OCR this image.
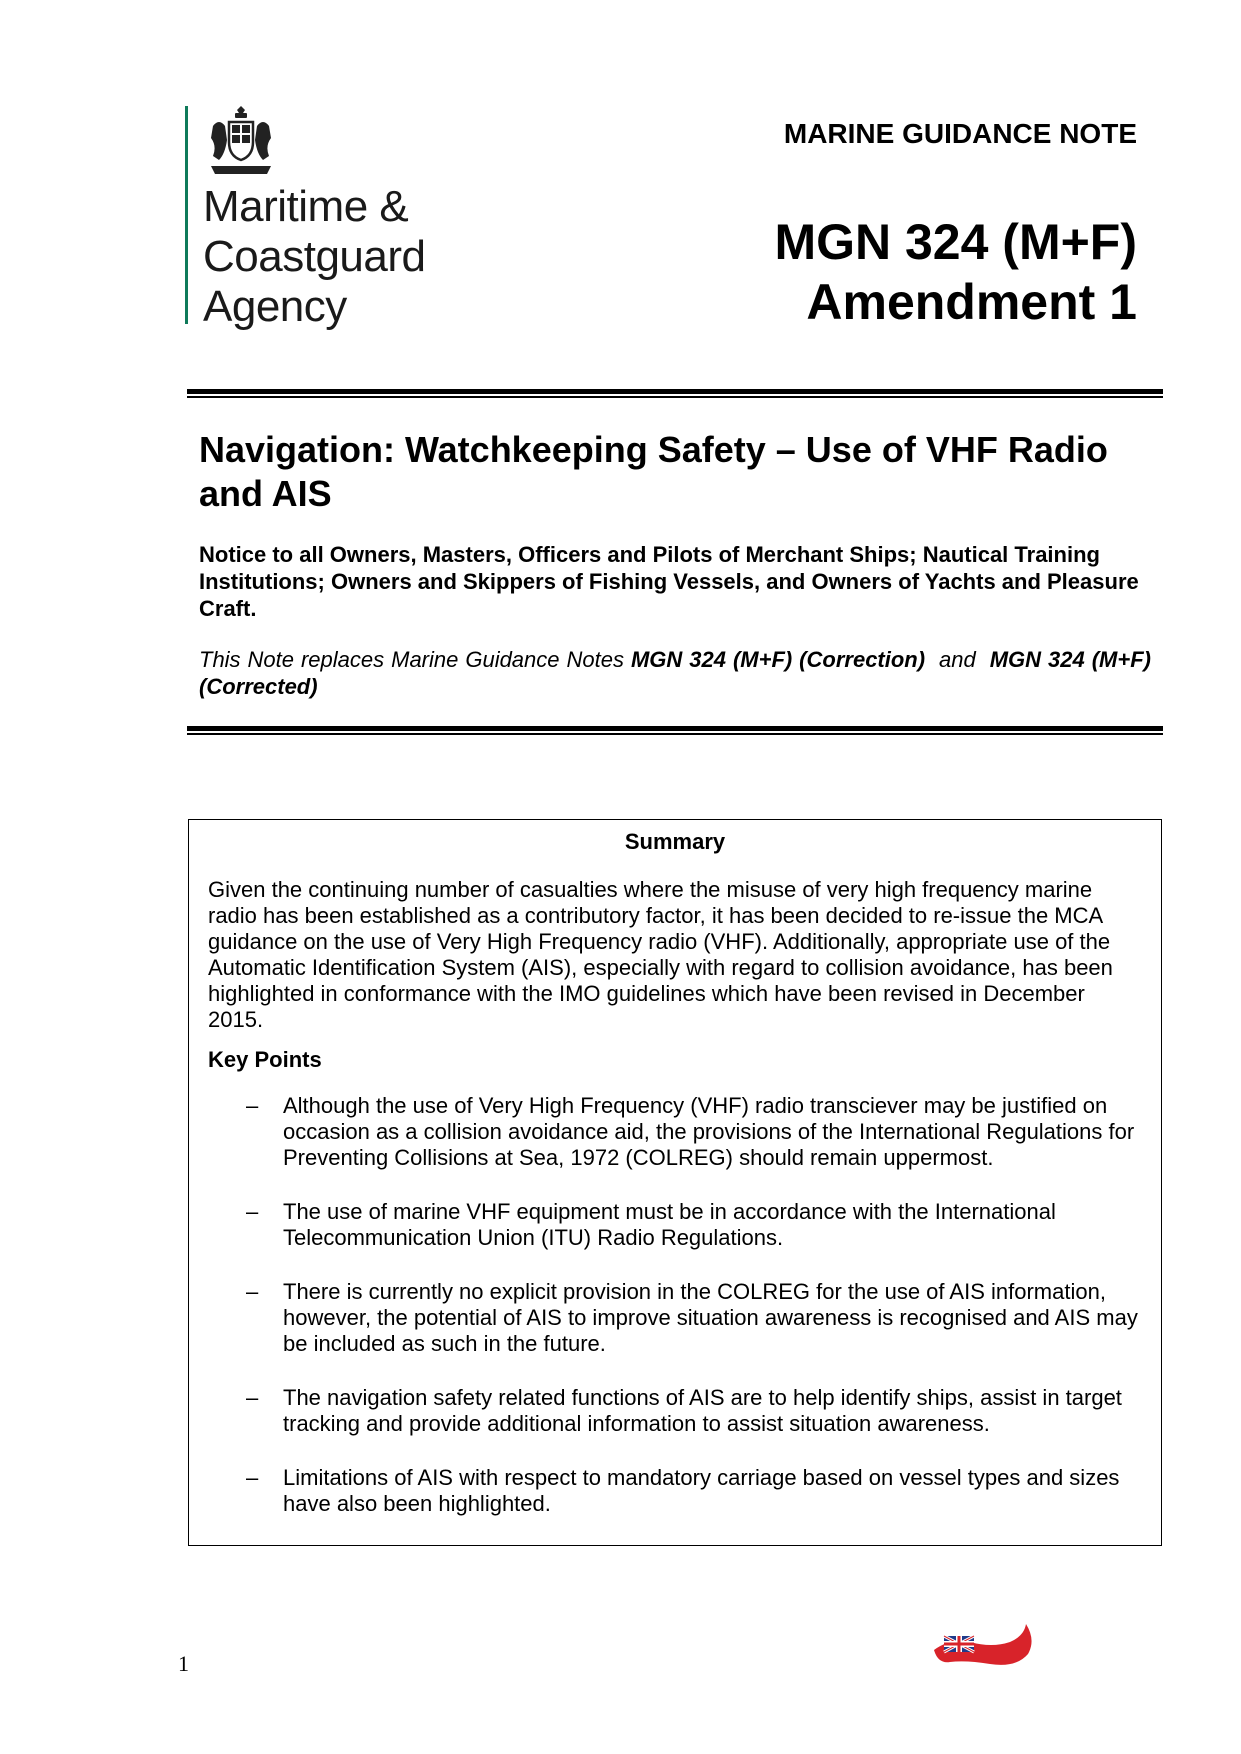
Maritime &
Coastguard
Agency
MARINE GUIDANCE NOTE
MGN 324 (M+F)
Amendment 1
Navigation: Watchkeeping Safety – Use of VHF Radio and AIS
Notice to all Owners, Masters, Officers and Pilots of Merchant Ships; Nautical Training Institutions; Owners and Skippers of Fishing Vessels, and Owners of Yachts and Pleasure Craft.
This Note replaces Marine Guidance Notes MGN 324 (M+F) (Correction) and MGN 324 (M+F) (Corrected)
Summary
Given the continuing number of casualties where the misuse of very high frequency marine radio has been established as a contributory factor, it has been decided to re-issue the MCA guidance on the use of Very High Frequency radio (VHF). Additionally, appropriate use of the Automatic Identification System (AIS), especially with regard to collision avoidance, has been highlighted in conformance with the IMO guidelines which have been revised in December 2015.
Key Points
– Although the use of Very High Frequency (VHF) radio transciever may be justified on occasion as a collision avoidance aid, the provisions of the International Regulations for Preventing Collisions at Sea, 1972 (COLREG) should remain uppermost.
– The use of marine VHF equipment must be in accordance with the International Telecommunication Union (ITU) Radio Regulations.
– There is currently no explicit provision in the COLREG for the use of AIS information, however, the potential of AIS to improve situation awareness is recognised and AIS may be included as such in the future.
– The navigation safety related functions of AIS are to help identify ships, assist in target tracking and provide additional information to assist situation awareness.
– Limitations of AIS with respect to mandatory carriage based on vessel types and sizes have also been highlighted.
1
